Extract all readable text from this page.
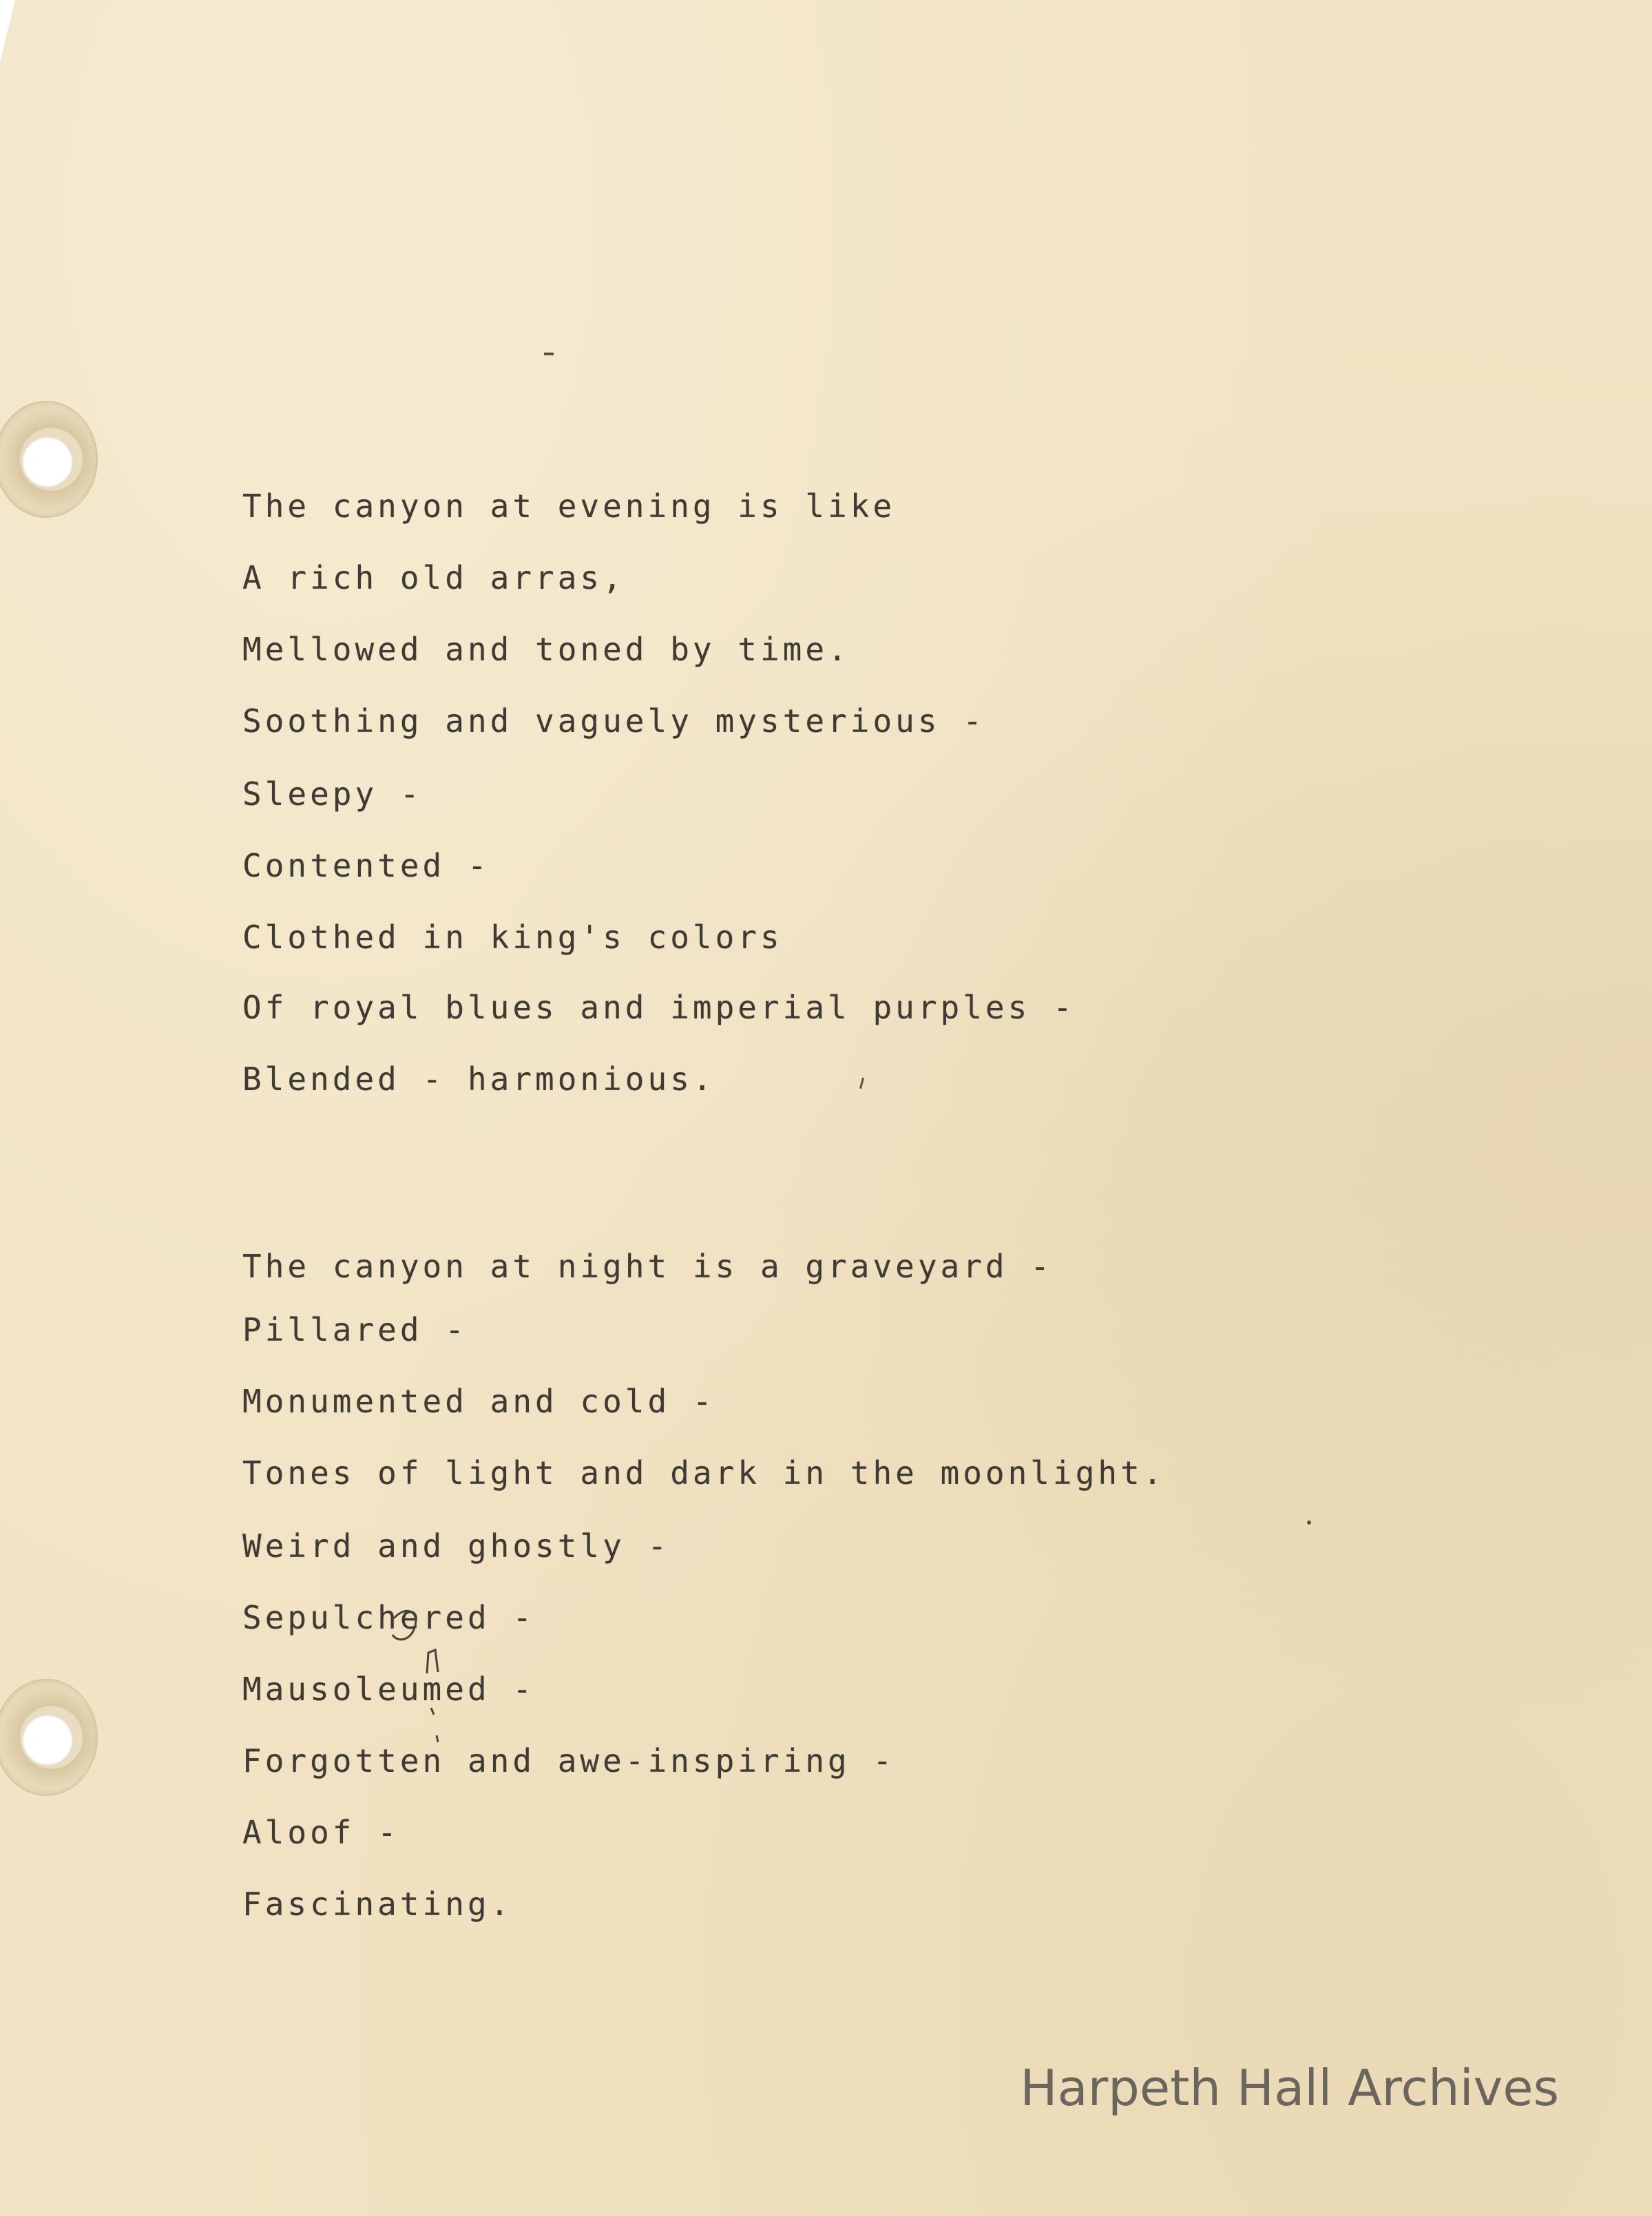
The canyon at evening is like

A rich old arras,

Mellowed and toned by time.

Soothing and vaguely mysterious -

Sleepy -

Contented -

Clothed in king's colors

Of royal blues and imperial purples -

Blended - harmonious.

The canyon at night is a graveyard -

Pillared -

Monumented and cold -

Tones of light and dark in the moonlight.

Weird and ghostly -

Sepulchered -

Mausoleumed -

Forgotten and awe-inspiring -

Aloof -

Fascinating.

Harpeth Hall Archives
